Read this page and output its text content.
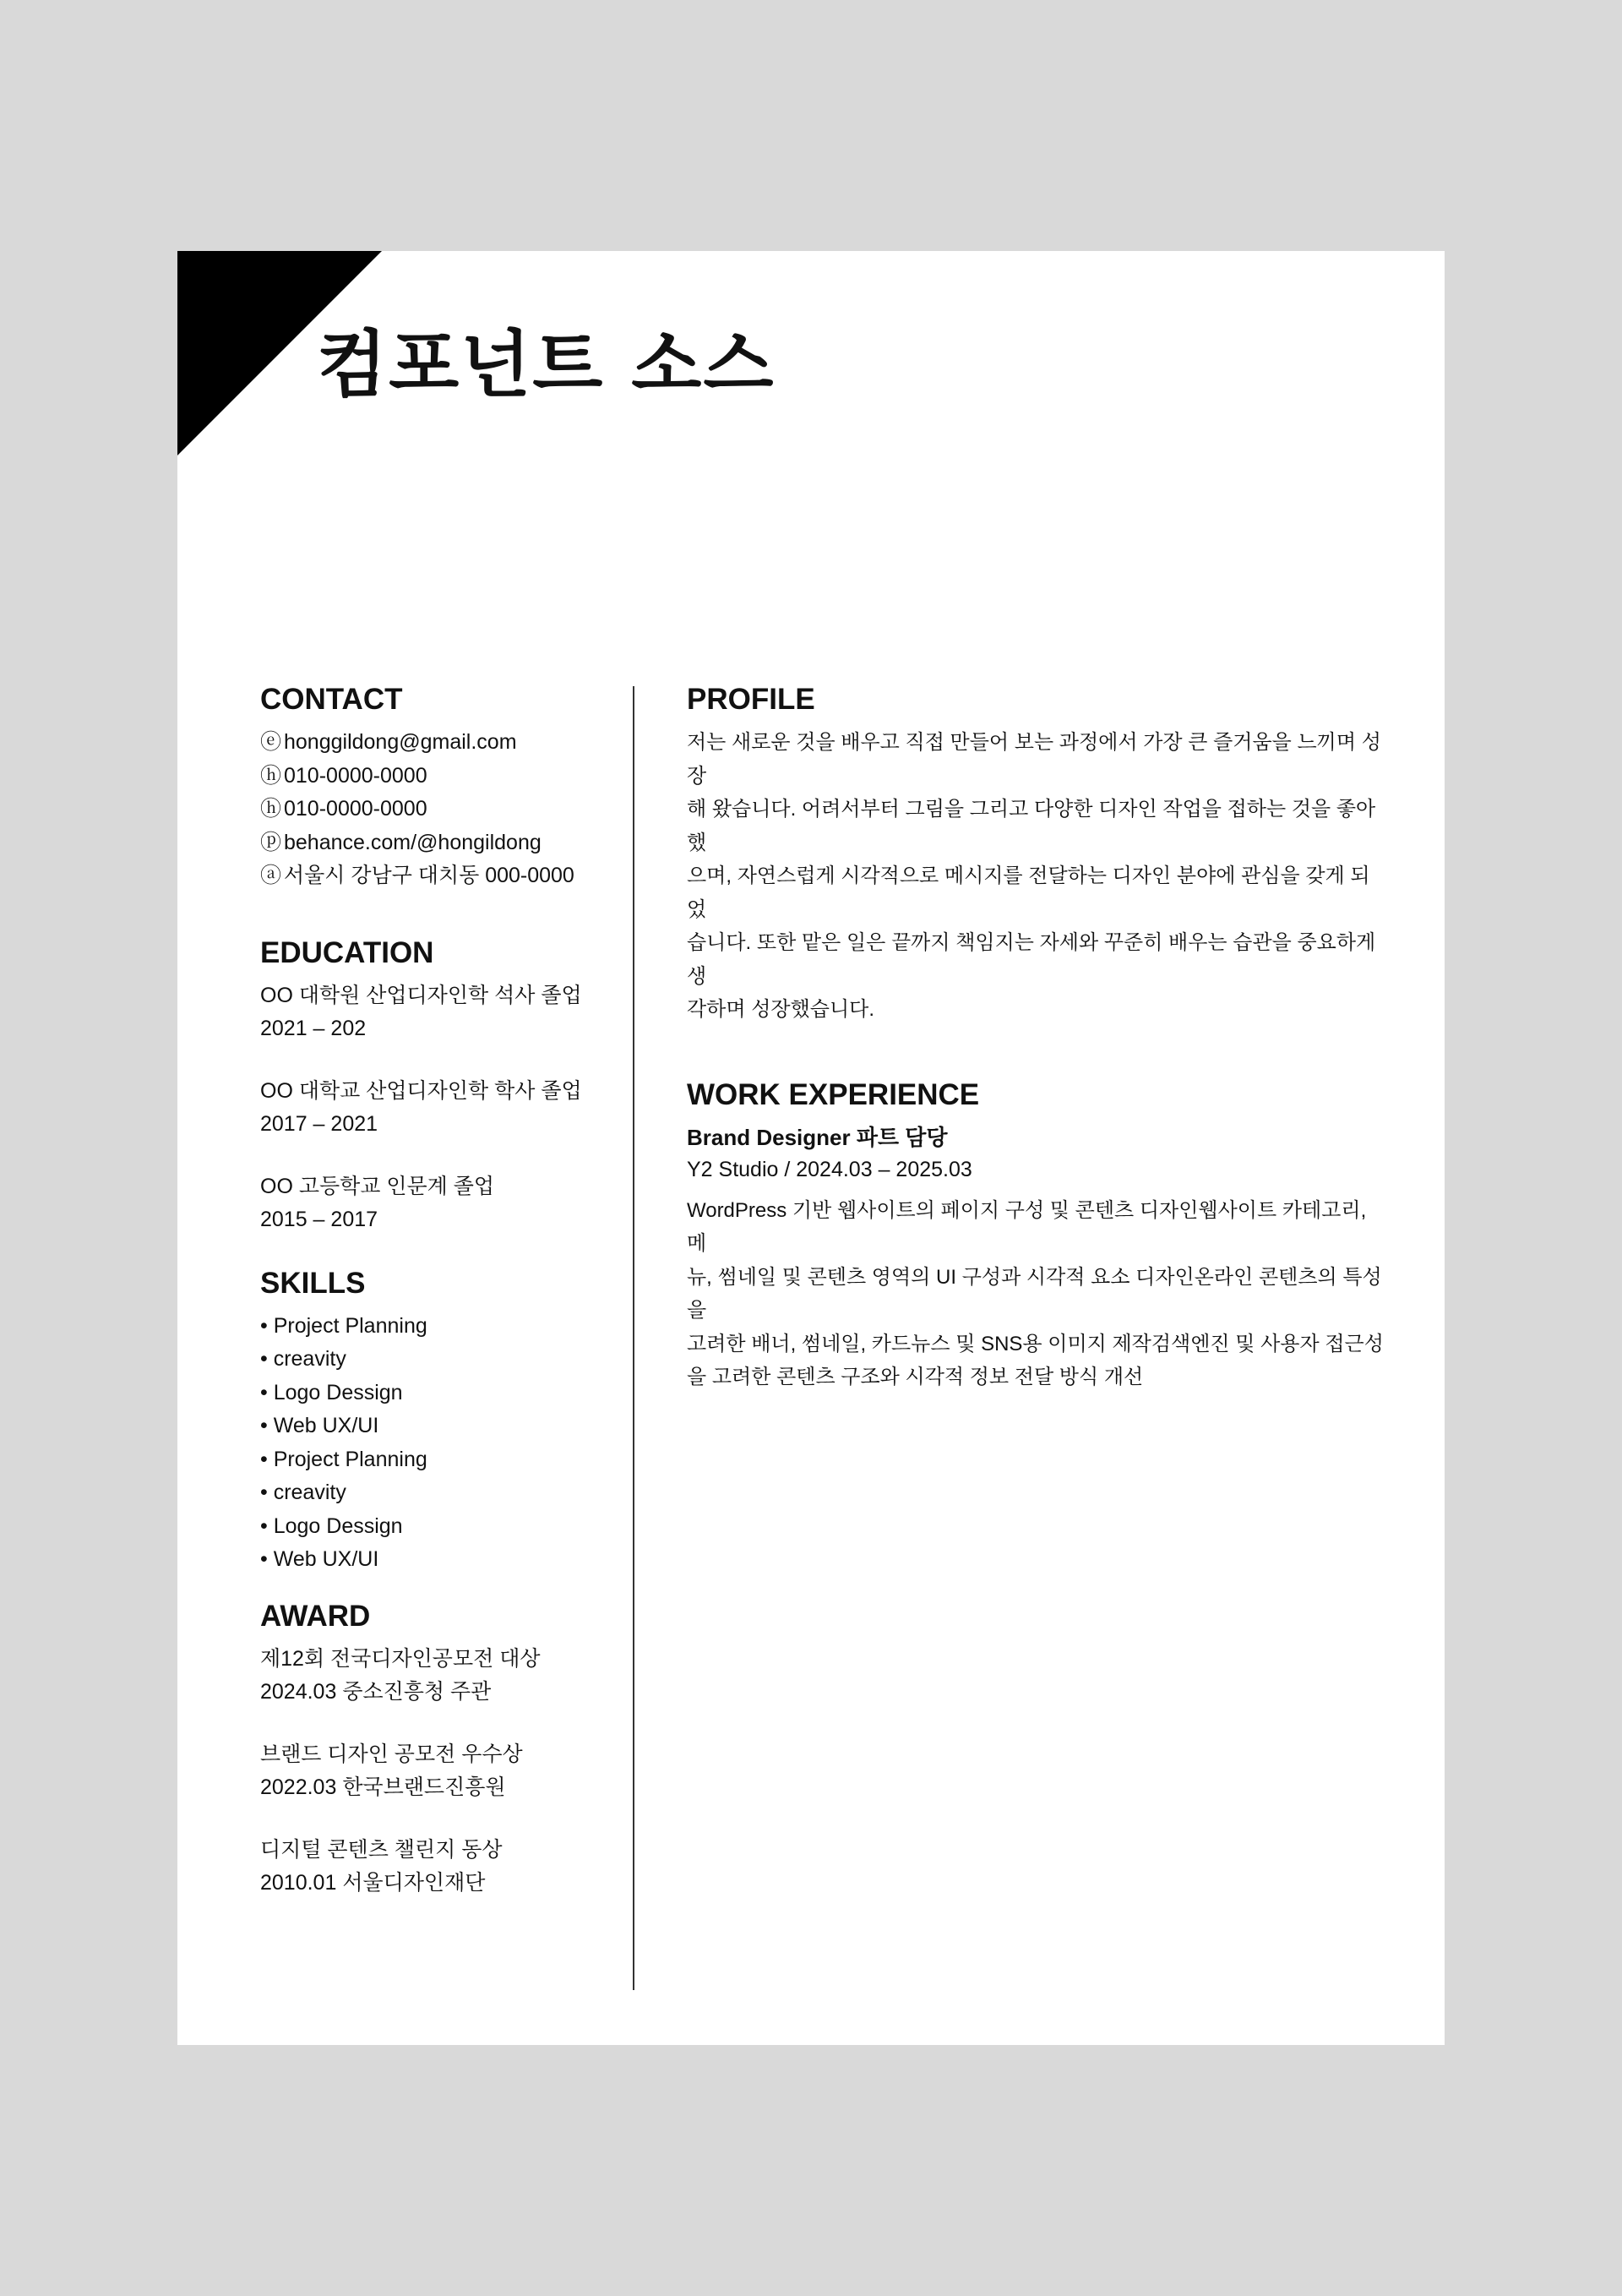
컴포넌트 소스
CONTACT
ⓔ honggildong@gmail.com
ⓗ 010-0000-0000
ⓗ 010-0000-0000
ⓟ behance.com/@hongildong
ⓐ 서울시 강남구 대치동 000-0000
EDUCATION
OO 대학원 산업디자인학 석사 졸업
2021 – 202
OO 대학교 산업디자인학 학사 졸업
2017 – 2021
OO 고등학교 인문계 졸업
2015 – 2017
SKILLS
• Project Planning
• creavity
• Logo Dessign
• Web UX/UI
• Project Planning
• creavity
• Logo Dessign
• Web UX/UI
AWARD
제12회 전국디자인공모전 대상
2024.03 중소진흥청 주관
브랜드 디자인 공모전 우수상
2022.03 한국브랜드진흥원
디지털 콘텐츠 챌린지 동상
2010.01 서울디자인재단
PROFILE

저는 새로운 것을 배우고 직접 만들어 보는 과정에서 가장 큰 즐거움을 느끼며 성장
해 왔습니다. 어려서부터 그림을 그리고 다양한 디자인 작업을 접하는 것을 좋아했
으며, 자연스럽게 시각적으로 메시지를 전달하는 디자인 분야에 관심을 갖게 되었
습니다. 또한 맡은 일은 끝까지 책임지는 자세와 꾸준히 배우는 습관을 중요하게 생
각하며 성장했습니다.

WORK EXPERIENCE
Brand Designer 파트 담당
Y2 Studio / 2024.03 – 2025.03

WordPress 기반 웹사이트의 페이지 구성 및 콘텐츠 디자인웹사이트 카테고리, 메
뉴, 썸네일 및 콘텐츠 영역의 UI 구성과 시각적 요소 디자인온라인 콘텐츠의 특성을
고려한 배너, 썸네일, 카드뉴스 및 SNS용 이미지 제작검색엔진 및 사용자 접근성
을 고려한 콘텐츠 구조와 시각적 정보 전달 방식 개선
